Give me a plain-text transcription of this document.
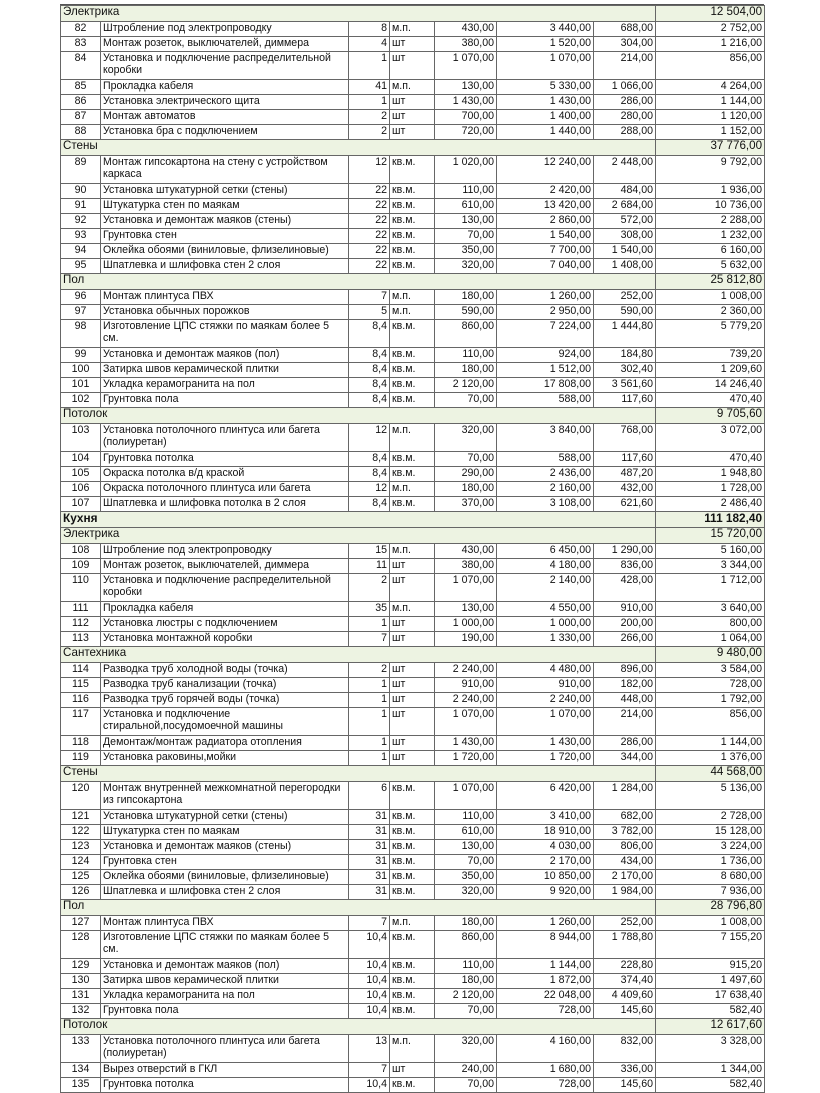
Электрика							12 504,00
82	Штробление под электропроводку	8	м.п.	430,00	3 440,00	688,00	2 752,00
83	Монтаж розеток, выключателей, диммера	4	шт	380,00	1 520,00	304,00	1 216,00
84	Установка и подключение распределительной коробки	1	шт	1 070,00	1 070,00	214,00	856,00
85	Прокладка кабеля	41	м.п.	130,00	5 330,00	1 066,00	4 264,00
86	Установка электрического щита	1	шт	1 430,00	1 430,00	286,00	1 144,00
87	Монтаж автоматов	2	шт	700,00	1 400,00	280,00	1 120,00
88	Установка бра с подключением	2	шт	720,00	1 440,00	288,00	1 152,00
Стены							37 776,00
89	Монтаж гипсокартона на стену с устройством каркаса	12	кв.м.	1 020,00	12 240,00	2 448,00	9 792,00
90	Установка штукатурной сетки (стены)	22	кв.м.	110,00	2 420,00	484,00	1 936,00
91	Штукатурка стен по маякам	22	кв.м.	610,00	13 420,00	2 684,00	10 736,00
92	Установка и демонтаж маяков (стены)	22	кв.м.	130,00	2 860,00	572,00	2 288,00
93	Грунтовка стен	22	кв.м.	70,00	1 540,00	308,00	1 232,00
94	Оклейка обоями (виниловые, флизелиновые)	22	кв.м.	350,00	7 700,00	1 540,00	6 160,00
95	Шпатлевка и шлифовка стен 2 слоя	22	кв.м.	320,00	7 040,00	1 408,00	5 632,00
Пол							25 812,80
96	Монтаж плинтуса ПВХ	7	м.п.	180,00	1 260,00	252,00	1 008,00
97	Установка обычных порожков	5	м.п.	590,00	2 950,00	590,00	2 360,00
98	Изготовление ЦПС стяжки по маякам более 5 см.	8,4	кв.м.	860,00	7 224,00	1 444,80	5 779,20
99	Установка и демонтаж маяков (пол)	8,4	кв.м.	110,00	924,00	184,80	739,20
100	Затирка швов керамической плитки	8,4	кв.м.	180,00	1 512,00	302,40	1 209,60
101	Укладка керамогранита на пол	8,4	кв.м.	2 120,00	17 808,00	3 561,60	14 246,40
102	Грунтовка пола	8,4	кв.м.	70,00	588,00	117,60	470,40
Потолок							9 705,60
103	Установка потолочного плинтуса или багета (полиуретан)	12	м.п.	320,00	3 840,00	768,00	3 072,00
104	Грунтовка потолка	8,4	кв.м.	70,00	588,00	117,60	470,40
105	Окраска потолка в/д краской	8,4	кв.м.	290,00	2 436,00	487,20	1 948,80
106	Окраска потолочного плинтуса или багета	12	м.п.	180,00	2 160,00	432,00	1 728,00
107	Шпатлевка и шлифовка потолка в 2 слоя	8,4	кв.м.	370,00	3 108,00	621,60	2 486,40
Кухня							111 182,40
Электрика							15 720,00
108	Штробление под электропроводку	15	м.п.	430,00	6 450,00	1 290,00	5 160,00
109	Монтаж розеток, выключателей, диммера	11	шт	380,00	4 180,00	836,00	3 344,00
110	Установка и подключение распределительной коробки	2	шт	1 070,00	2 140,00	428,00	1 712,00
111	Прокладка кабеля	35	м.п.	130,00	4 550,00	910,00	3 640,00
112	Установка люстры с подключением	1	шт	1 000,00	1 000,00	200,00	800,00
113	Установка монтажной коробки	7	шт	190,00	1 330,00	266,00	1 064,00
Сантехника							9 480,00
114	Разводка труб холодной воды (точка)	2	шт	2 240,00	4 480,00	896,00	3 584,00
115	Разводка труб канализации (точка)	1	шт	910,00	910,00	182,00	728,00
116	Разводка труб горячей воды (точка)	1	шт	2 240,00	2 240,00	448,00	1 792,00
117	Установка и подключение стиральной,посудомоечной машины	1	шт	1 070,00	1 070,00	214,00	856,00
118	Демонтаж/монтаж радиатора отопления	1	шт	1 430,00	1 430,00	286,00	1 144,00
119	Установка раковины,мойки	1	шт	1 720,00	1 720,00	344,00	1 376,00
Стены							44 568,00
120	Монтаж внутренней межкомнатной перегородки из гипсокартона	6	кв.м.	1 070,00	6 420,00	1 284,00	5 136,00
121	Установка штукатурной сетки (стены)	31	кв.м.	110,00	3 410,00	682,00	2 728,00
122	Штукатурка стен по маякам	31	кв.м.	610,00	18 910,00	3 782,00	15 128,00
123	Установка и демонтаж маяков (стены)	31	кв.м.	130,00	4 030,00	806,00	3 224,00
124	Грунтовка стен	31	кв.м.	70,00	2 170,00	434,00	1 736,00
125	Оклейка обоями (виниловые, флизелиновые)	31	кв.м.	350,00	10 850,00	2 170,00	8 680,00
126	Шпатлевка и шлифовка стен 2 слоя	31	кв.м.	320,00	9 920,00	1 984,00	7 936,00
Пол							28 796,80
127	Монтаж плинтуса ПВХ	7	м.п.	180,00	1 260,00	252,00	1 008,00
128	Изготовление ЦПС стяжки по маякам более 5 см.	10,4	кв.м.	860,00	8 944,00	1 788,80	7 155,20
129	Установка и демонтаж маяков (пол)	10,4	кв.м.	110,00	1 144,00	228,80	915,20
130	Затирка швов керамической плитки	10,4	кв.м.	180,00	1 872,00	374,40	1 497,60
131	Укладка керамогранита на пол	10,4	кв.м.	2 120,00	22 048,00	4 409,60	17 638,40
132	Грунтовка пола	10,4	кв.м.	70,00	728,00	145,60	582,40
Потолок							12 617,60
133	Установка потолочного плинтуса или багета (полиуретан)	13	м.п.	320,00	4 160,00	832,00	3 328,00
134	Вырез отверстий в ГКЛ	7	шт	240,00	1 680,00	336,00	1 344,00
135	Грунтовка потолка	10,4	кв.м.	70,00	728,00	145,60	582,40
